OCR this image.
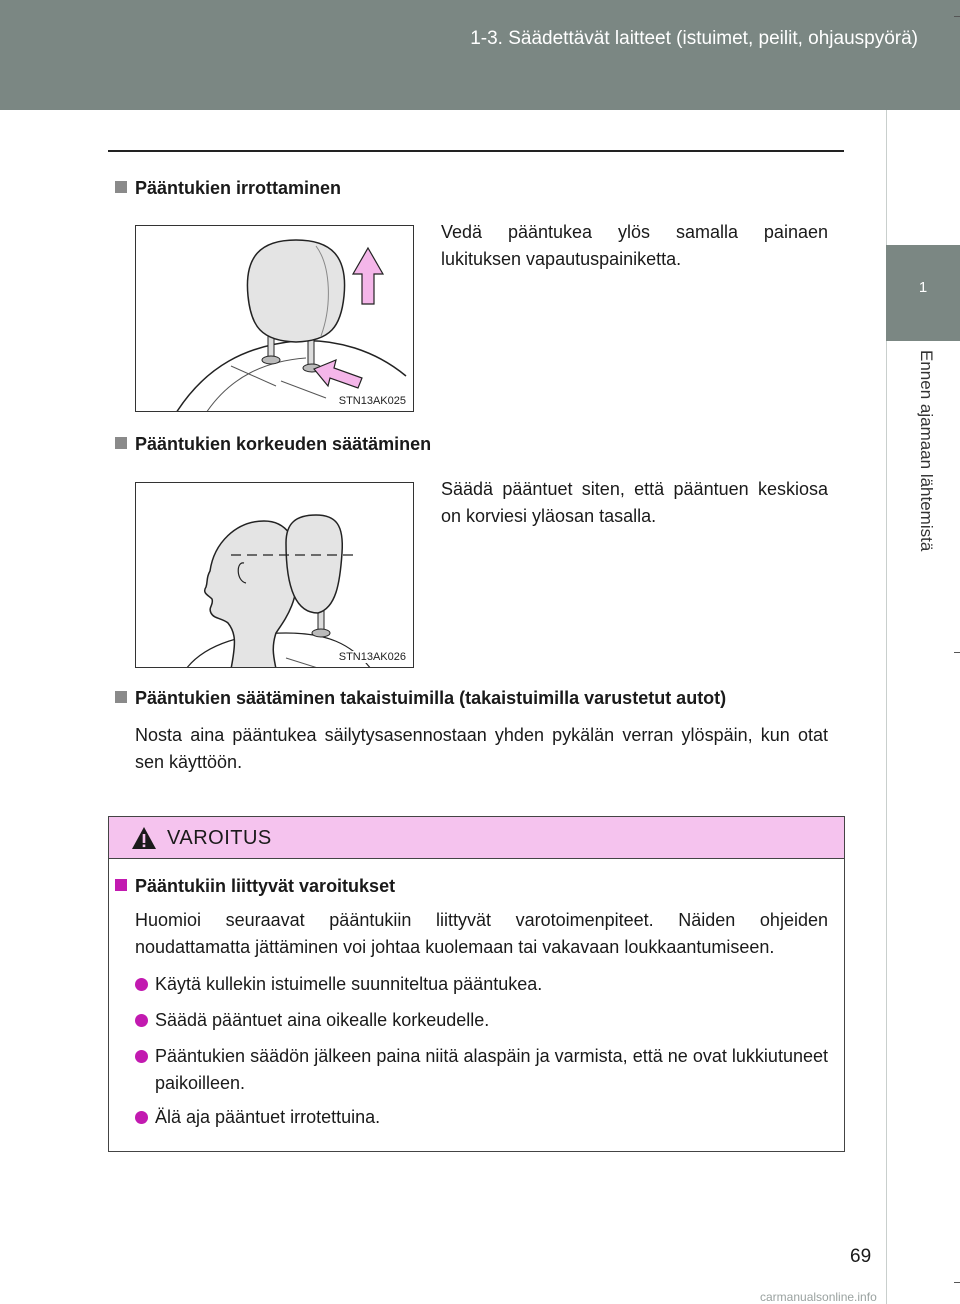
1-3. Säädettävät laitteet (istuimet, peilit, ohjauspyörä)
1
Ennen ajamaan lähtemistä
Pääntukien irrottaminen
STN13AK025
Vedä pääntukea ylös samalla painaen lukituksen vapautuspainiketta.
Pääntukien korkeuden säätäminen
STN13AK026
Säädä pääntuet siten, että pääntuen keskiosa on korviesi yläosan tasalla.
Pääntukien säätäminen takaistuimilla (takaistuimilla varustetut autot)
Nosta aina pääntukea säilytysasennostaan yhden pykälän verran ylöspäin, kun otat sen käyttöön.
VAROITUS
Pääntukiin liittyvät varoitukset
Huomioi seuraavat pääntukiin liittyvät varotoimenpiteet. Näiden ohjeiden noudattamatta jättäminen voi johtaa kuolemaan tai vakavaan loukkaantumiseen.
Käytä kullekin istuimelle suunniteltua pääntukea.
Säädä pääntuet aina oikealle korkeudelle.
Pääntukien säädön jälkeen paina niitä alaspäin ja varmista, että ne ovat lukkiutuneet paikoilleen.
Älä aja pääntuet irrotettuina.
69
carmanualsonline.info
